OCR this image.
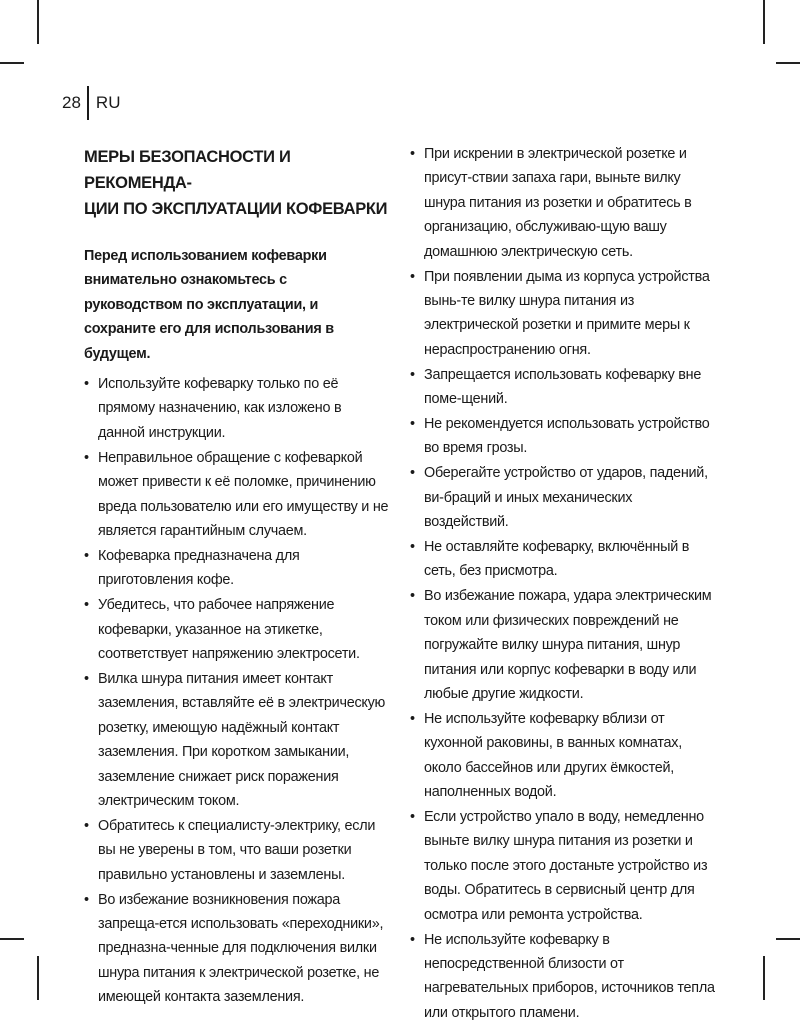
28 RU
МЕРЫ БЕЗОПАСНОСТИ И РЕКОМЕНДА-
ЦИИ ПО ЭКСПЛУАТАЦИИ КОФЕВАРКИ

Перед использованием кофеварки внимательно ознакомьтесь с руководством по эксплуатации, и сохраните его для использования в будущем.

• Используйте кофеварку только по её прямому назначению, как изложено в данной инструкции.
• Неправильное обращение с кофеваркой может привести к её поломке, причинению вреда пользователю или его имуществу и не является гарантийным случаем.
• Кофеварка предназначена для приготовления кофе.
• Убедитесь, что рабочее напряжение кофеварки, указанное на этикетке, соответствует напряжению электросети.
• Вилка шнура питания имеет контакт заземления, вставляйте её в электрическую розетку, имеющую надёжный контакт заземления. При коротком замыкании, заземление снижает риск поражения электрическим током.
• Обратитесь к специалисту-электрику, если вы не уверены в том, что ваши розетки правильно установлены и заземлены.
• Во избежание возникновения пожара запреща-ется использовать «переходники», предназна-ченные для подключения вилки шнура питания к электрической розетке, не имеющей контакта заземления.
• При искрении в электрической розетке и присут-ствии запаха гари, выньте вилку шнура питания из розетки и обратитесь в организацию, обслуживаю-щую вашу домашнюю электрическую сеть.
• При появлении дыма из корпуса устройства вынь-те вилку шнура питания из электрической розетки и примите меры к нераспространению огня.
• Запрещается использовать кофеварку вне поме-щений.
• Не рекомендуется использовать устройство во время грозы.
• Оберегайте устройство от ударов, падений, ви-браций и иных механических воздействий.
• Не оставляйте кофеварку, включённый в сеть, без присмотра.
• Во избежание пожара, удара электрическим током или физических повреждений не погружайте вилку шнура питания, шнур питания или корпус кофеварки в воду или любые другие жидкости.
• Не используйте кофеварку вблизи от кухонной раковины, в ванных комнатах, около бассейнов или других ёмкостей, наполненных водой.
• Если устройство упало в воду, немедленно выньте вилку шнура питания из розетки и только после этого достаньте устройство из воды. Обратитесь в сервисный центр для осмотра или ремонта устройства.
• Не используйте кофеварку в непосредственной близости от нагревательных приборов, источников тепла или открытого пламени.
